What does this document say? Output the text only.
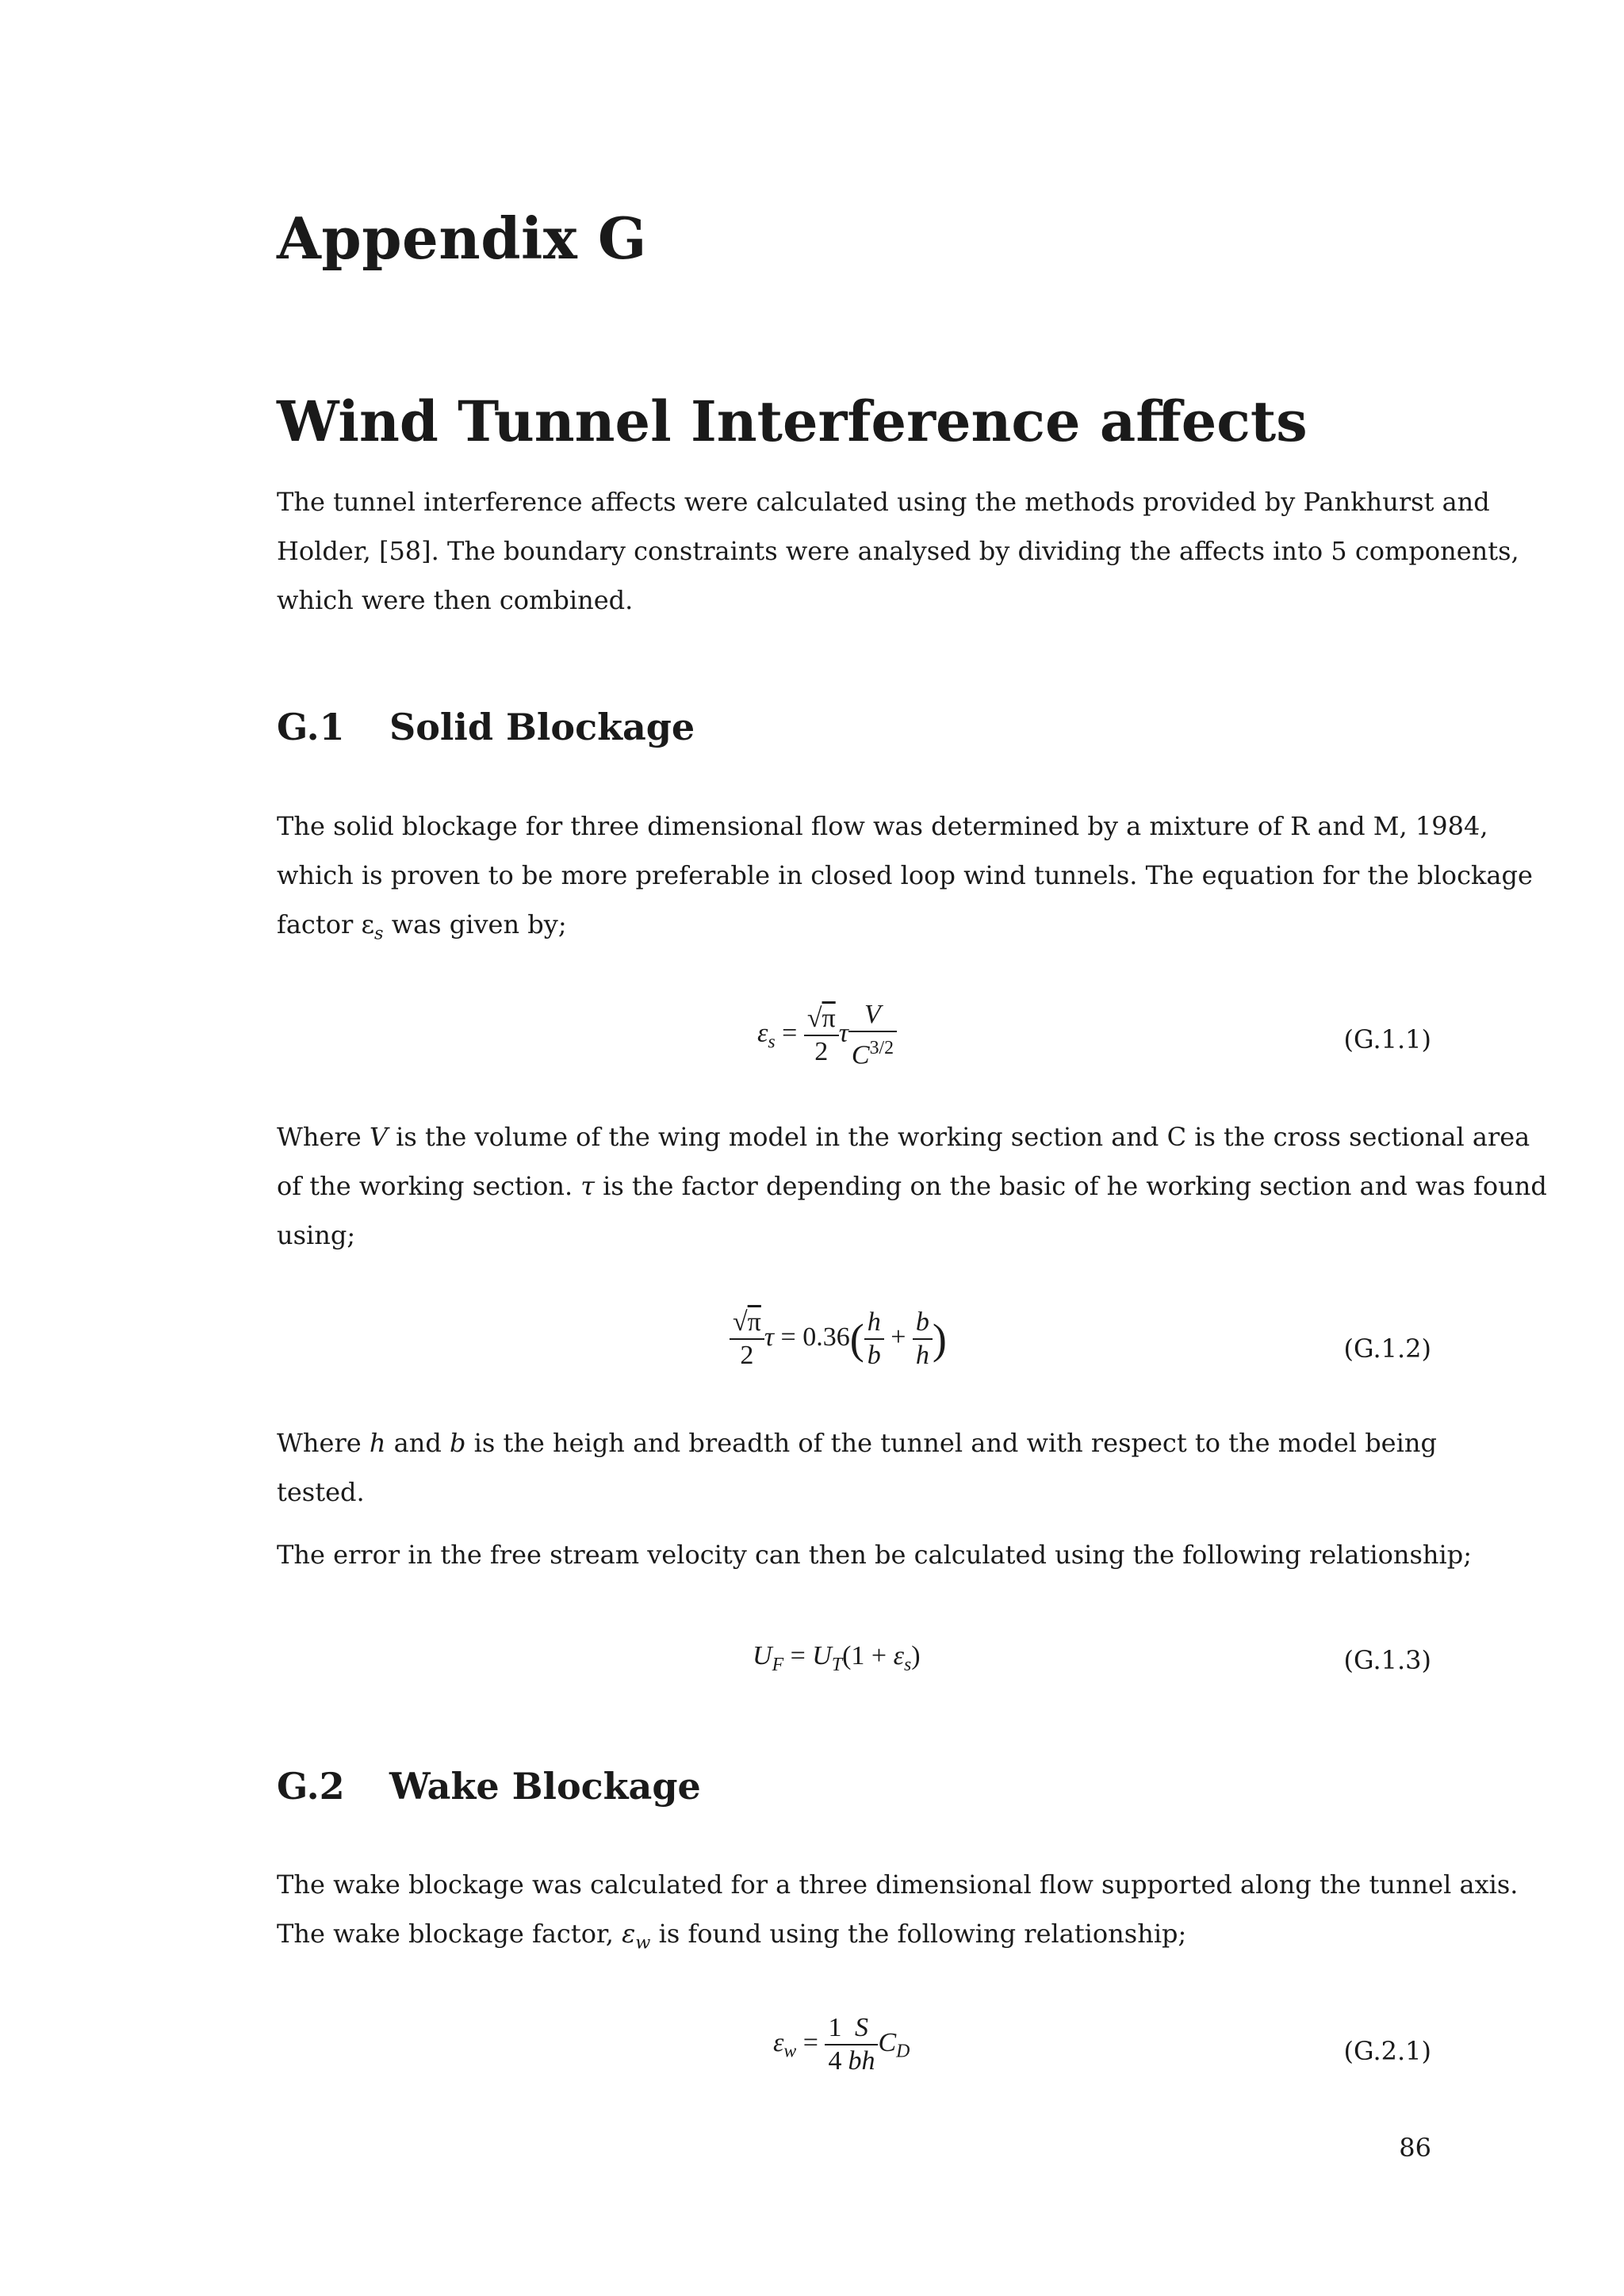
Appendix G
Wind Tunnel Interference affects
The tunnel interference affects were calculated using the methods provided by Pankhurst and
Holder, [58]. The boundary constraints were analysed by dividing the affects into 5 components,
which were then combined.
G.1 Solid Blockage
The solid blockage for three dimensional flow was determined by a mixture of R and M, 1984,
which is proven to be more preferable in closed loop wind tunnels. The equation for the blockage
factor $\varepsilon_s$ was given by;
$\varepsilon_s = \frac{√\pi}{2}$ τ $\frac{V}{C^{3/2}}$	(G.1.1)
Where V is the volume of the wing model in the working section and C is the cross sectional area
of the working section. τ is the factor depending on the basic of he working section and was found
using;
$\frac{√\pi}{2}$ $\tau = 0.36( \frac{h}{b} + \frac{b}{h}$ )	(G.1.2)
Where h and b is the heigh and breadth of the tunnel and with respect to the model being
tested.
The error in the free stream velocity can then be calculated using the following relationship;
$U_F = U_T(1 + \varepsilon_s)$	(G.1.3)
G.2 Wake Blockage
The wake blockage was calculated for a three dimensional flow supported along the tunnel axis.
The wake blockage factor, $\varepsilon_w$ is found using the following relationship;
$\varepsilon_w = \frac{1}{4} \frac{S}{bh} C_D$	(G.2.1)
86
